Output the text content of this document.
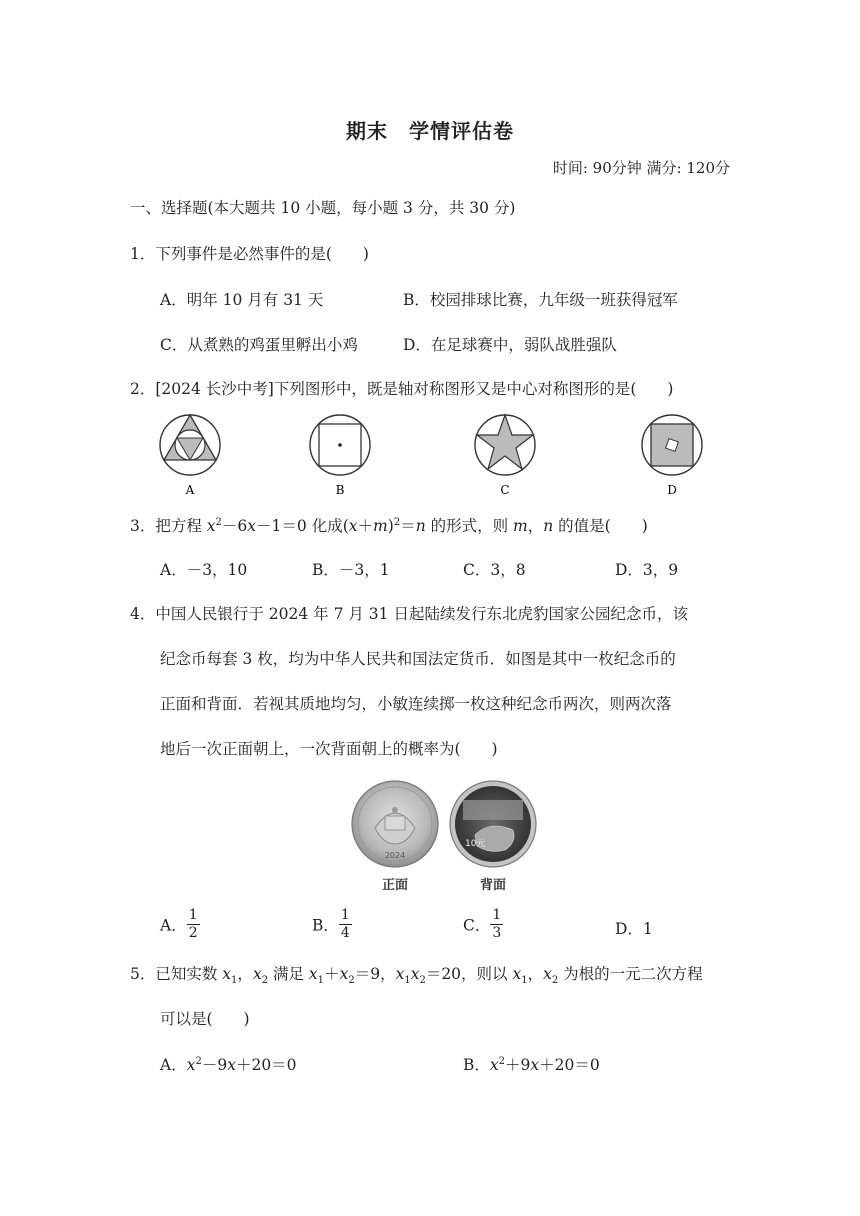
期末　学情评估卷
时间: 90分钟 满分: 120分
一、选择题(本大题共 10 小题，每小题 3 分，共 30 分)
1．下列事件是必然事件的是(　　)
A．明年 10 月有 31 天	B．校园排球比赛，九年级一班获得冠军
C．从煮熟的鸡蛋里孵出小鸡	D．在足球赛中，弱队战胜强队
2．[2024 长沙中考]下列图形中，既是轴对称图形又是中心对称图形的是(　　)
A	B	C	D
3．把方程 $x^2-6x-1=0$ 化成$(x+m)^2=n$ 的形式，则 m，n 的值是(　　)
A．－3，10	B．－3，1	C．3，8	D．3，9
4．中国人民银行于 2024 年 7 月 31 日起陆续发行东北虎豹国家公园纪念币，该
纪念币每套 3 枚，均为中华人民共和国法定货币．如图是其中一枚纪念币的
正面和背面．若视其质地均匀，小敏连续掷一枚这种纪念币两次，则两次落
地后一次正面朝上，一次背面朝上的概率为(　　)
2024
10元
正面	背面
A． $\frac{1}{2}$	B． $\frac{1}{4}$	C． $\frac{1}{3}$	D．1
5．已知实数 $x_1$，$x_2$ 满足 $x_1+x_2=9$，$x_1x_2=20$，则以 $x_1$，$x_2$ 为根的一元二次方程
可以是(　　)
A．$x^2-9x+20=0$	B．$x^2+9x+20=0$
